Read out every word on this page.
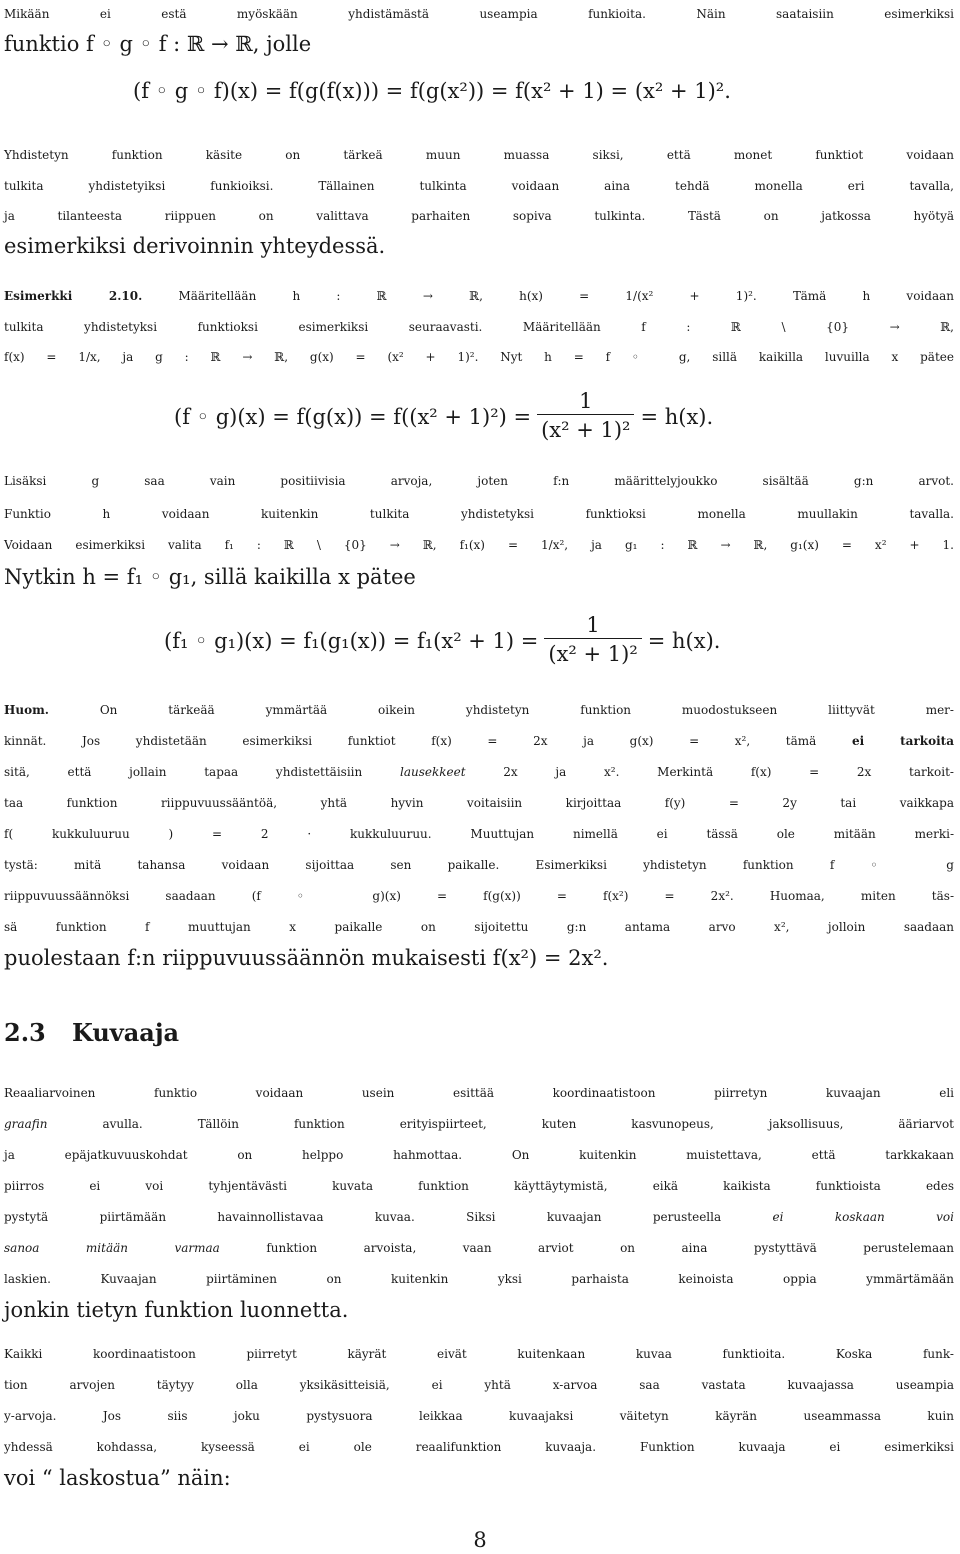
Mikään ei estä myöskään yhdistämästä useampia funkioita. Näin saataisiin esimerkiksi
funktio f ◦ g ◦ f : ℝ → ℝ, jolle
(f ◦ g ◦ f)(x) = f(g(f(x))) = f(g(x²)) = f(x² + 1) = (x² + 1)².
Yhdistetyn funktion käsite on tärkeä muun muassa siksi, että monet funktiot voidaan
tulkita yhdistetyiksi funkioiksi. Tällainen tulkinta voidaan aina tehdä monella eri tavalla,
ja tilanteesta riippuen on valittava parhaiten sopiva tulkinta. Tästä on jatkossa hyötyä
esimerkiksi derivoinnin yhteydessä.
Esimerkki 2.10.	Määritellään h : ℝ → ℝ, h(x) = 1/(x² + 1)². Tämä h voidaan
tulkita yhdistetyksi funktioksi esimerkiksi seuraavasti. Määritellään f : ℝ \ {0} → ℝ,
f(x) = 1/x, ja g : ℝ → ℝ, g(x) = (x² + 1)². Nyt h = f ◦ g, sillä kaikilla luvuilla x pätee
(f ◦ $g)(x) = f(g(x)) = f((x^2 + 1)^2) = \frac{1}{\text{(x² + 1)²}} = h(x)$.
Lisäksi g saa vain positiivisia arvoja, joten f:n määrittelyjoukko sisältää g:n arvot.
Funktio h voidaan kuitenkin tulkita yhdistetyksi funktioksi monella muullakin tavalla.
Voidaan esimerkiksi valita f₁ : ℝ \ {0} → ℝ, f₁(x) = 1/x², ja g₁ : ℝ → ℝ, g₁(x) = x² + 1.
Nytkin h = f₁ ◦ g₁, sillä kaikilla x pätee
(f₁ ◦ $g_1)(x) = f_1(g_1(x)) = f_1(x^2 + 1) = \frac{1}{\text{(x² + 1)²}} = h(x)$.
Huom.	On tärkeää ymmärtää oikein yhdistetyn funktion muodostukseen liittyvät mer-
kinnät. Jos yhdistetään esimerkiksi funktiot f(x) = 2x ja g(x) = x², tämä	ei tarkoita
sitä, että jollain tapaa yhdistettäisiin	lausekkeet	2x ja x². Merkintä f(x) = 2x tarkoit-
taa funktion riippuvuussääntöä, yhtä hyvin voitaisiin kirjoittaa f(y) = 2y tai vaikkapa
f( kukkuluuruu ) = 2 · kukkuluuruu. Muuttujan nimellä ei tässä ole mitään merki-
tystä: mitä tahansa voidaan sijoittaa sen paikalle. Esimerkiksi yhdistetyn funktion f ◦ g
riippuvuussäännöksi saadaan (f ◦ g)(x) = f(g(x)) = f(x²) = 2x². Huomaa, miten täs-
sä funktion f muuttujan x paikalle on sijoitettu g:n antama arvo x², jolloin saadaan
puolestaan f:n riippuvuussäännön mukaisesti f(x²) = 2x².
2.3 Kuvaaja
Reaaliarvoinen funktio voidaan usein esittää koordinaatistoon piirretyn kuvaajan eli
graafin	avulla. Tällöin funktion erityispiirteet, kuten kasvunopeus, jaksollisuus, ääriarvot
ja epäjatkuvuuskohdat on helppo hahmottaa. On kuitenkin muistettava, että tarkkakaan
piirros ei voi tyhjentävästi kuvata funktion käyttäytymistä, eikä kaikista funktioista edes
pystytä piirtämään havainnollistavaa kuvaa. Siksi kuvaajan perusteella	ei koskaan voi
sanoa mitään varmaa	funktion arvoista, vaan arviot on aina pystyttävä perustelemaan
laskien. Kuvaajan piirtäminen on kuitenkin yksi parhaista keinoista oppia ymmärtämään
jonkin tietyn funktion luonnetta.
Kaikki koordinaatistoon piirretyt käyrät eivät kuitenkaan kuvaa funktioita. Koska funk-
tion arvojen täytyy olla yksikäsitteisiä, ei yhtä x-arvoa saa vastata kuvaajassa useampia
y-arvoja. Jos siis joku pystysuora leikkaa kuvaajaksi väitetyn käyrän useammassa kuin
yhdessä kohdassa, kyseessä ei ole reaalifunktion kuvaaja. Funktion kuvaaja ei esimerkiksi
voi “ laskostua” näin:
8
